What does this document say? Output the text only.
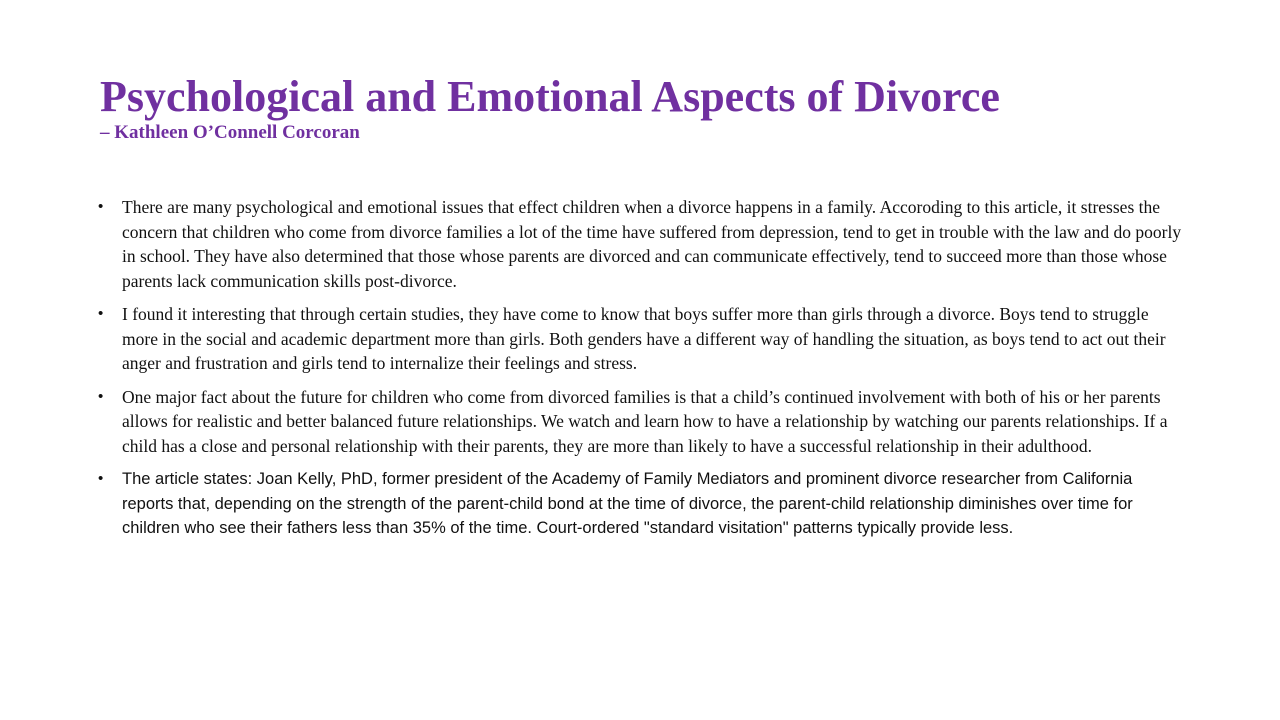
Psychological and Emotional Aspects of Divorce
– Kathleen O’Connell Corcoran
• There are many psychological and emotional issues that effect children when a divorce happens in a family. Accoroding to this article, it stresses the concern that children who come from divorce families a lot of the time have suffered from depression, tend to get in trouble with the law and do poorly in school. They have also determined that those whose parents are divorced and can communicate effectively, tend to succeed more than those whose parents lack communication skills post-divorce.
• I found it interesting that through certain studies, they have come to know that boys suffer more than girls through a divorce. Boys tend to struggle more in the social and academic department more than girls. Both genders have a different way of handling the situation, as boys tend to act out their anger and frustration and girls tend to internalize their feelings and stress.
• One major fact about the future for children who come from divorced families is that a child’s continued involvement with both of his or her parents allows for realistic and better balanced future relationships. We watch and learn how to have a relationship by watching our parents relationships. If a child has a close and personal relationship with their parents, they are more than likely to have a successful relationship in their adulthood.
• The article states: Joan Kelly, PhD, former president of the Academy of Family Mediators and prominent divorce researcher from California reports that, depending on the strength of the parent-child bond at the time of divorce, the parent-child relationship diminishes over time for children who see their fathers less than 35% of the time. Court-ordered "standard visitation" patterns typically provide less.
